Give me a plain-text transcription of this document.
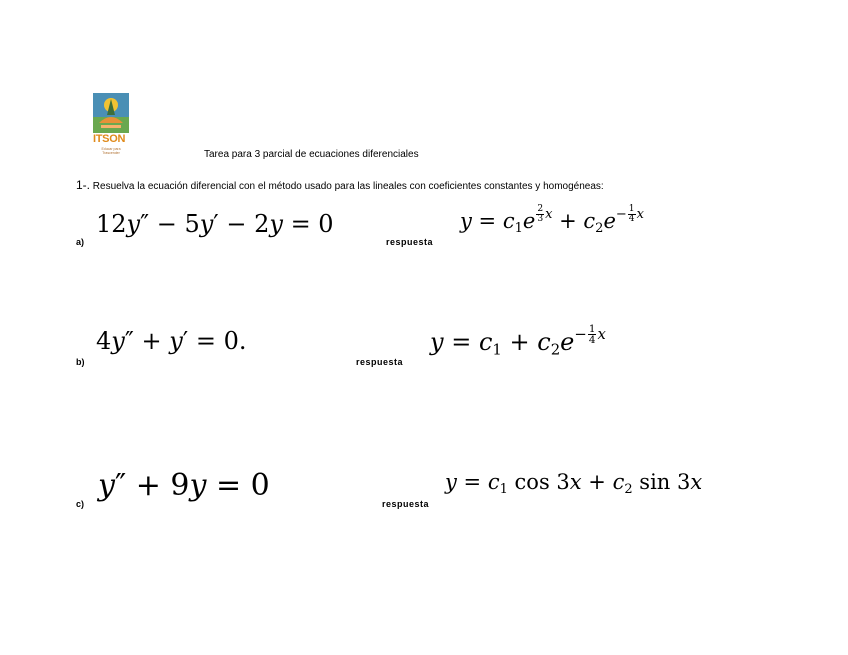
ITSON
Educar para Trascender	Tarea para 3 parcial de ecuaciones diferenciales
1-. Resuelva la ecuación diferencial con el método usado para las lineales con coeficientes constantes y homogéneas:
a)
12y″ − 5y′ − 2y = 0
respuesta
$y = c_1e$ $^{\frac{2}{3} x} + c_2e^{- \frac{1}{4} x}$
b)
4y″ + y′ = 0.
respuesta
$y = c_1 + c_2e^{- \frac{1}{4} x}$
c)
y″ + 9y = 0
respuesta
$y = c_1$ $\cos 3x + c_2$ sin 3x
